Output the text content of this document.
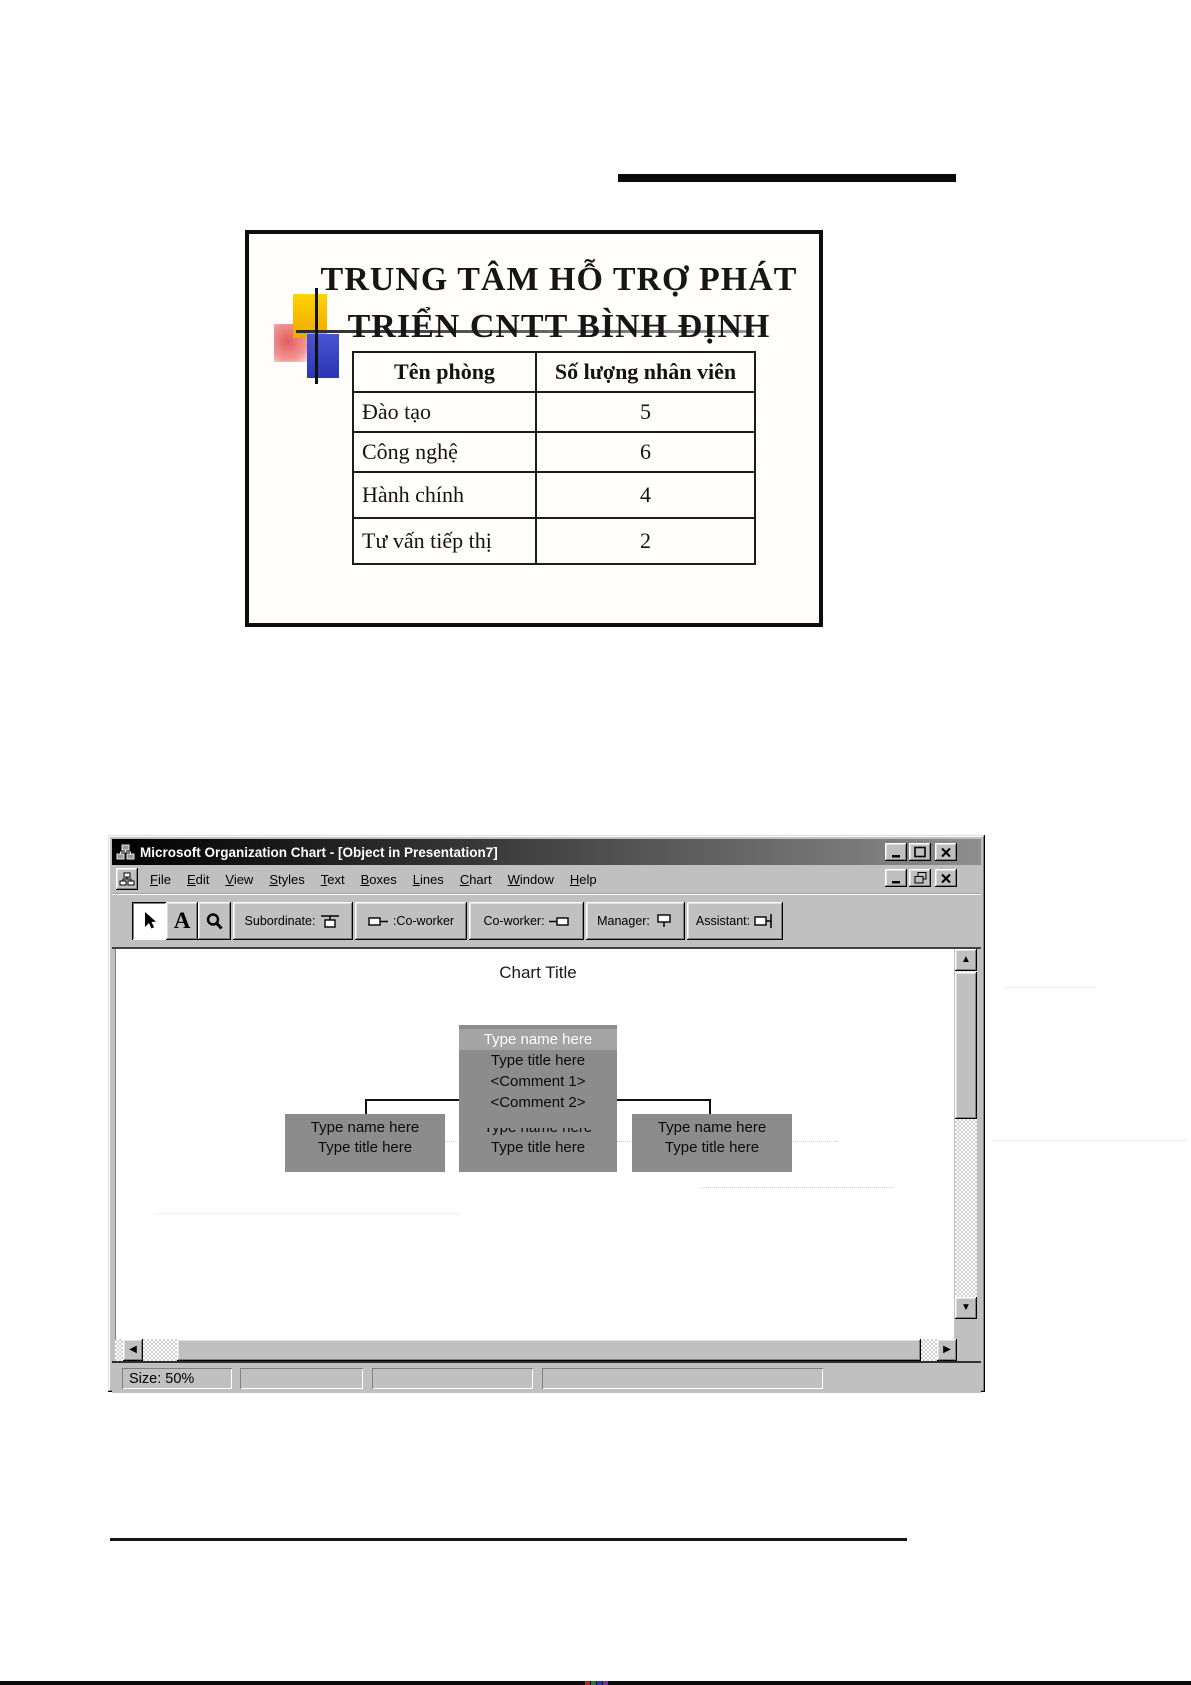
TRUNG TÂM HỖ TRỢ PHÁT
TRIỂN CNTT BÌNH ĐỊNH
Tên phòng	Số lượng nhân viên
Đào tạo	5
Công nghệ	6
Hành chính	4
Tư vấn tiếp thị	2
Microsoft Organization Chart - [Object in Presentation7]
File	Edit	View	Styles	Text	Boxes	Lines	Chart	Window	Help
A	Subordinate:	:Co-worker Co-worker:	Manager:	Assistant:
Chart Title
Type name here
Type title here	Type title here
Type name here
Type title here
Type name here
Type title here
<Comment 1>
<Comment 2>
▲
▼
◀	▶
Size: 50%
